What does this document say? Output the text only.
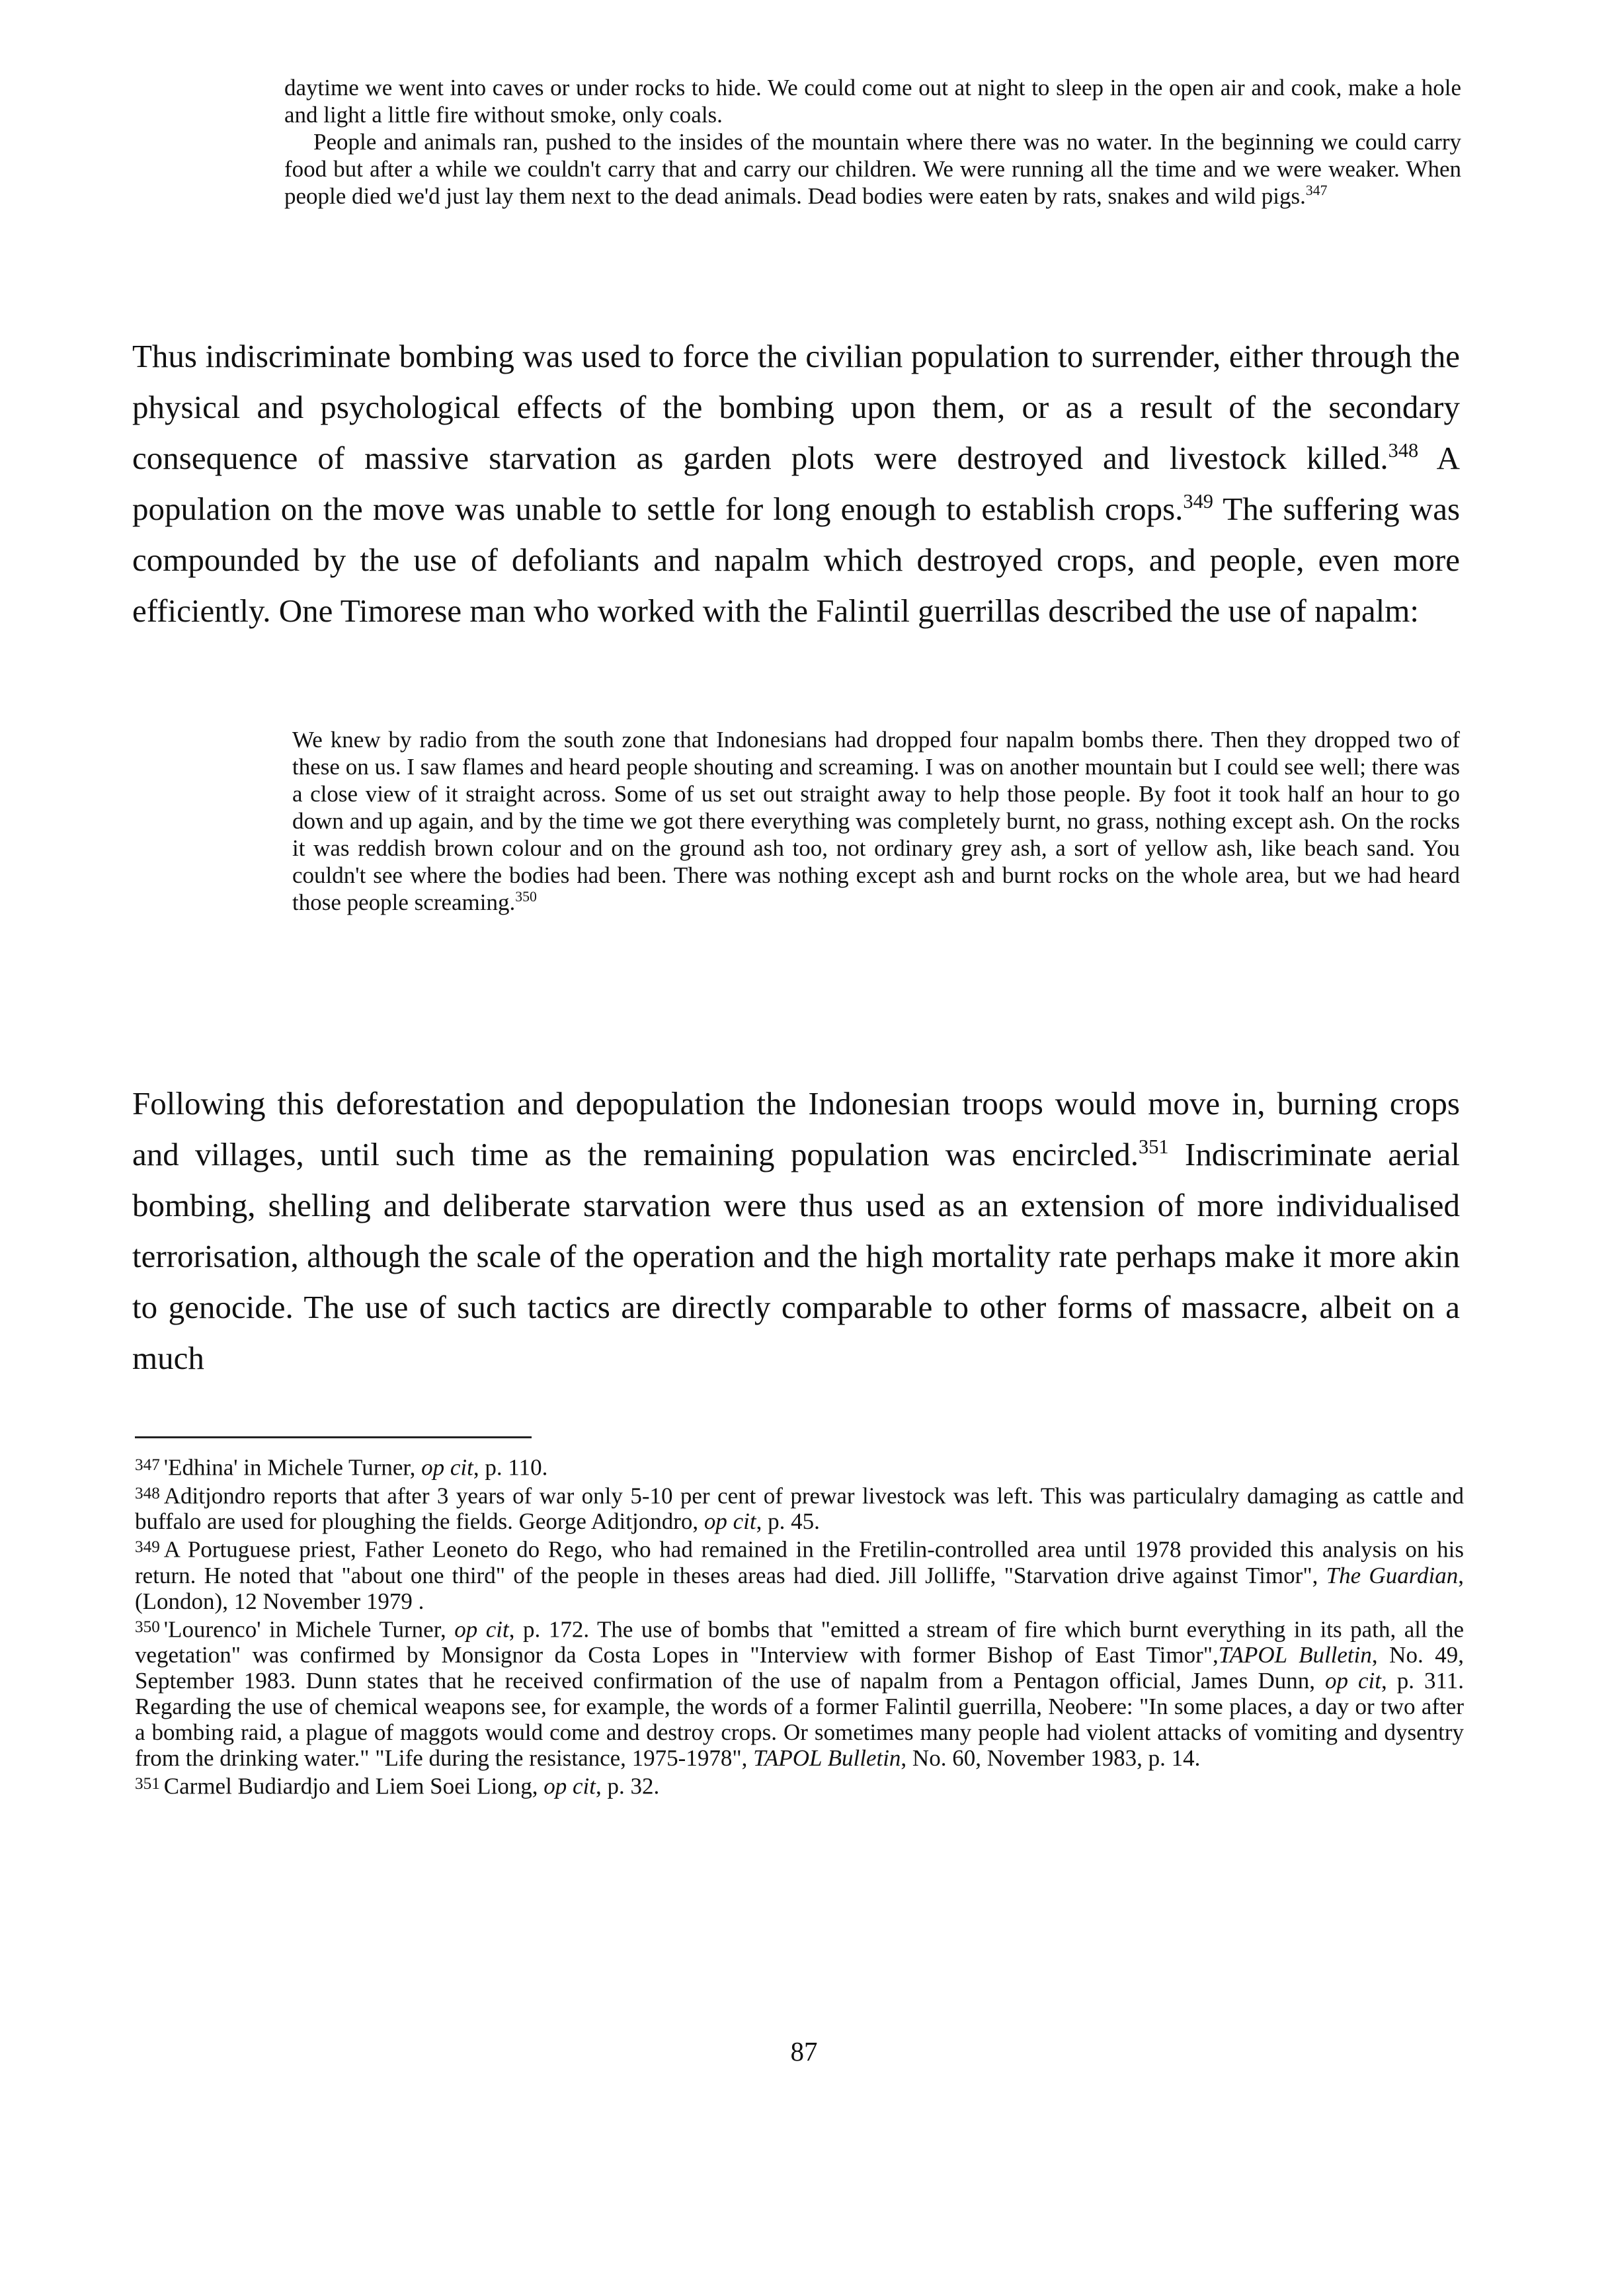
daytime we went into caves or under rocks to hide. We could come out at night to sleep in the open air and cook, make a hole and light a little fire without smoke, only coals.

People and animals ran, pushed to the insides of the mountain where there was no water. In the beginning we could carry food but after a while we couldn't carry that and carry our children. We were running all the time and we were weaker. When people died we'd just lay them next to the dead animals. Dead bodies were eaten by rats, snakes and wild pigs.$^{347}$

Thus indiscriminate bombing was used to force the civilian population to surrender, either through the physical and psychological effects of the bombing upon them, or as a result of the secondary consequence of massive starvation as garden plots were destroyed and livestock killed.$^{348}$ A population on the move was unable to settle for long enough to establish crops.$^{349}$ The suffering was compounded by the use of defoliants and napalm which destroyed crops, and people, even more efficiently. One Timorese man who worked with the Falintil guerrillas described the use of napalm:

We knew by radio from the south zone that Indonesians had dropped four napalm bombs there. Then they dropped two of these on us. I saw flames and heard people shouting and screaming. I was on another mountain but I could see well; there was a close view of it straight across. Some of us set out straight away to help those people. By foot it took half an hour to go down and up again, and by the time we got there everything was completely burnt, no grass, nothing except ash. On the rocks it was reddish brown colour and on the ground ash too, not ordinary grey ash, a sort of yellow ash, like beach sand. You couldn't see where the bodies had been. There was nothing except ash and burnt rocks on the whole area, but we had heard those people screaming.$^{350}$

Following this deforestation and depopulation the Indonesian troops would move in, burning crops and villages, until such time as the remaining population was encircled.$^{351}$ Indiscriminate aerial bombing, shelling and deliberate starvation were thus used as an extension of more individualised terrorisation, although the scale of the operation and the high mortality rate perhaps make it more akin to genocide. The use of such tactics are directly comparable to other forms of massacre, albeit on a much

$^{347}$ 'Edhina' in Michele Turner, op cit, p. 110.

$^{348}$ Aditjondro reports that after 3 years of war only 5-10 per cent of prewar livestock was left. This was particulalry damaging as cattle and buffalo are used for ploughing the fields. George Aditjondro, op cit, p. 45.

$^{349}$ A Portuguese priest, Father Leoneto do Rego, who had remained in the Fretilin-controlled area until 1978 provided this analysis on his return. He noted that "about one third" of the people in theses areas had died. Jill Jolliffe, "Starvation drive against Timor", The Guardian, (London), 12 November 1979 .

$^{350}$ 'Lourenco' in Michele Turner, op cit, p. 172. The use of bombs that "emitted a stream of fire which burnt everything in its path, all the vegetation" was confirmed by Monsignor da Costa Lopes in "Interview with former Bishop of East Timor",TAPOL Bulletin, No. 49, September 1983. Dunn states that he received confirmation of the use of napalm from a Pentagon official, James Dunn, op cit, p. 311. Regarding the use of chemical weapons see, for example, the words of a former Falintil guerrilla, Neobere: "In some places, a day or two after a bombing raid, a plague of maggots would come and destroy crops. Or sometimes many people had violent attacks of vomiting and dysentry from the drinking water." "Life during the resistance, 1975-1978", TAPOL Bulletin, No. 60, November 1983, p. 14.

$^{351}$ Carmel Budiardjo and Liem Soei Liong, op cit, p. 32.

87
